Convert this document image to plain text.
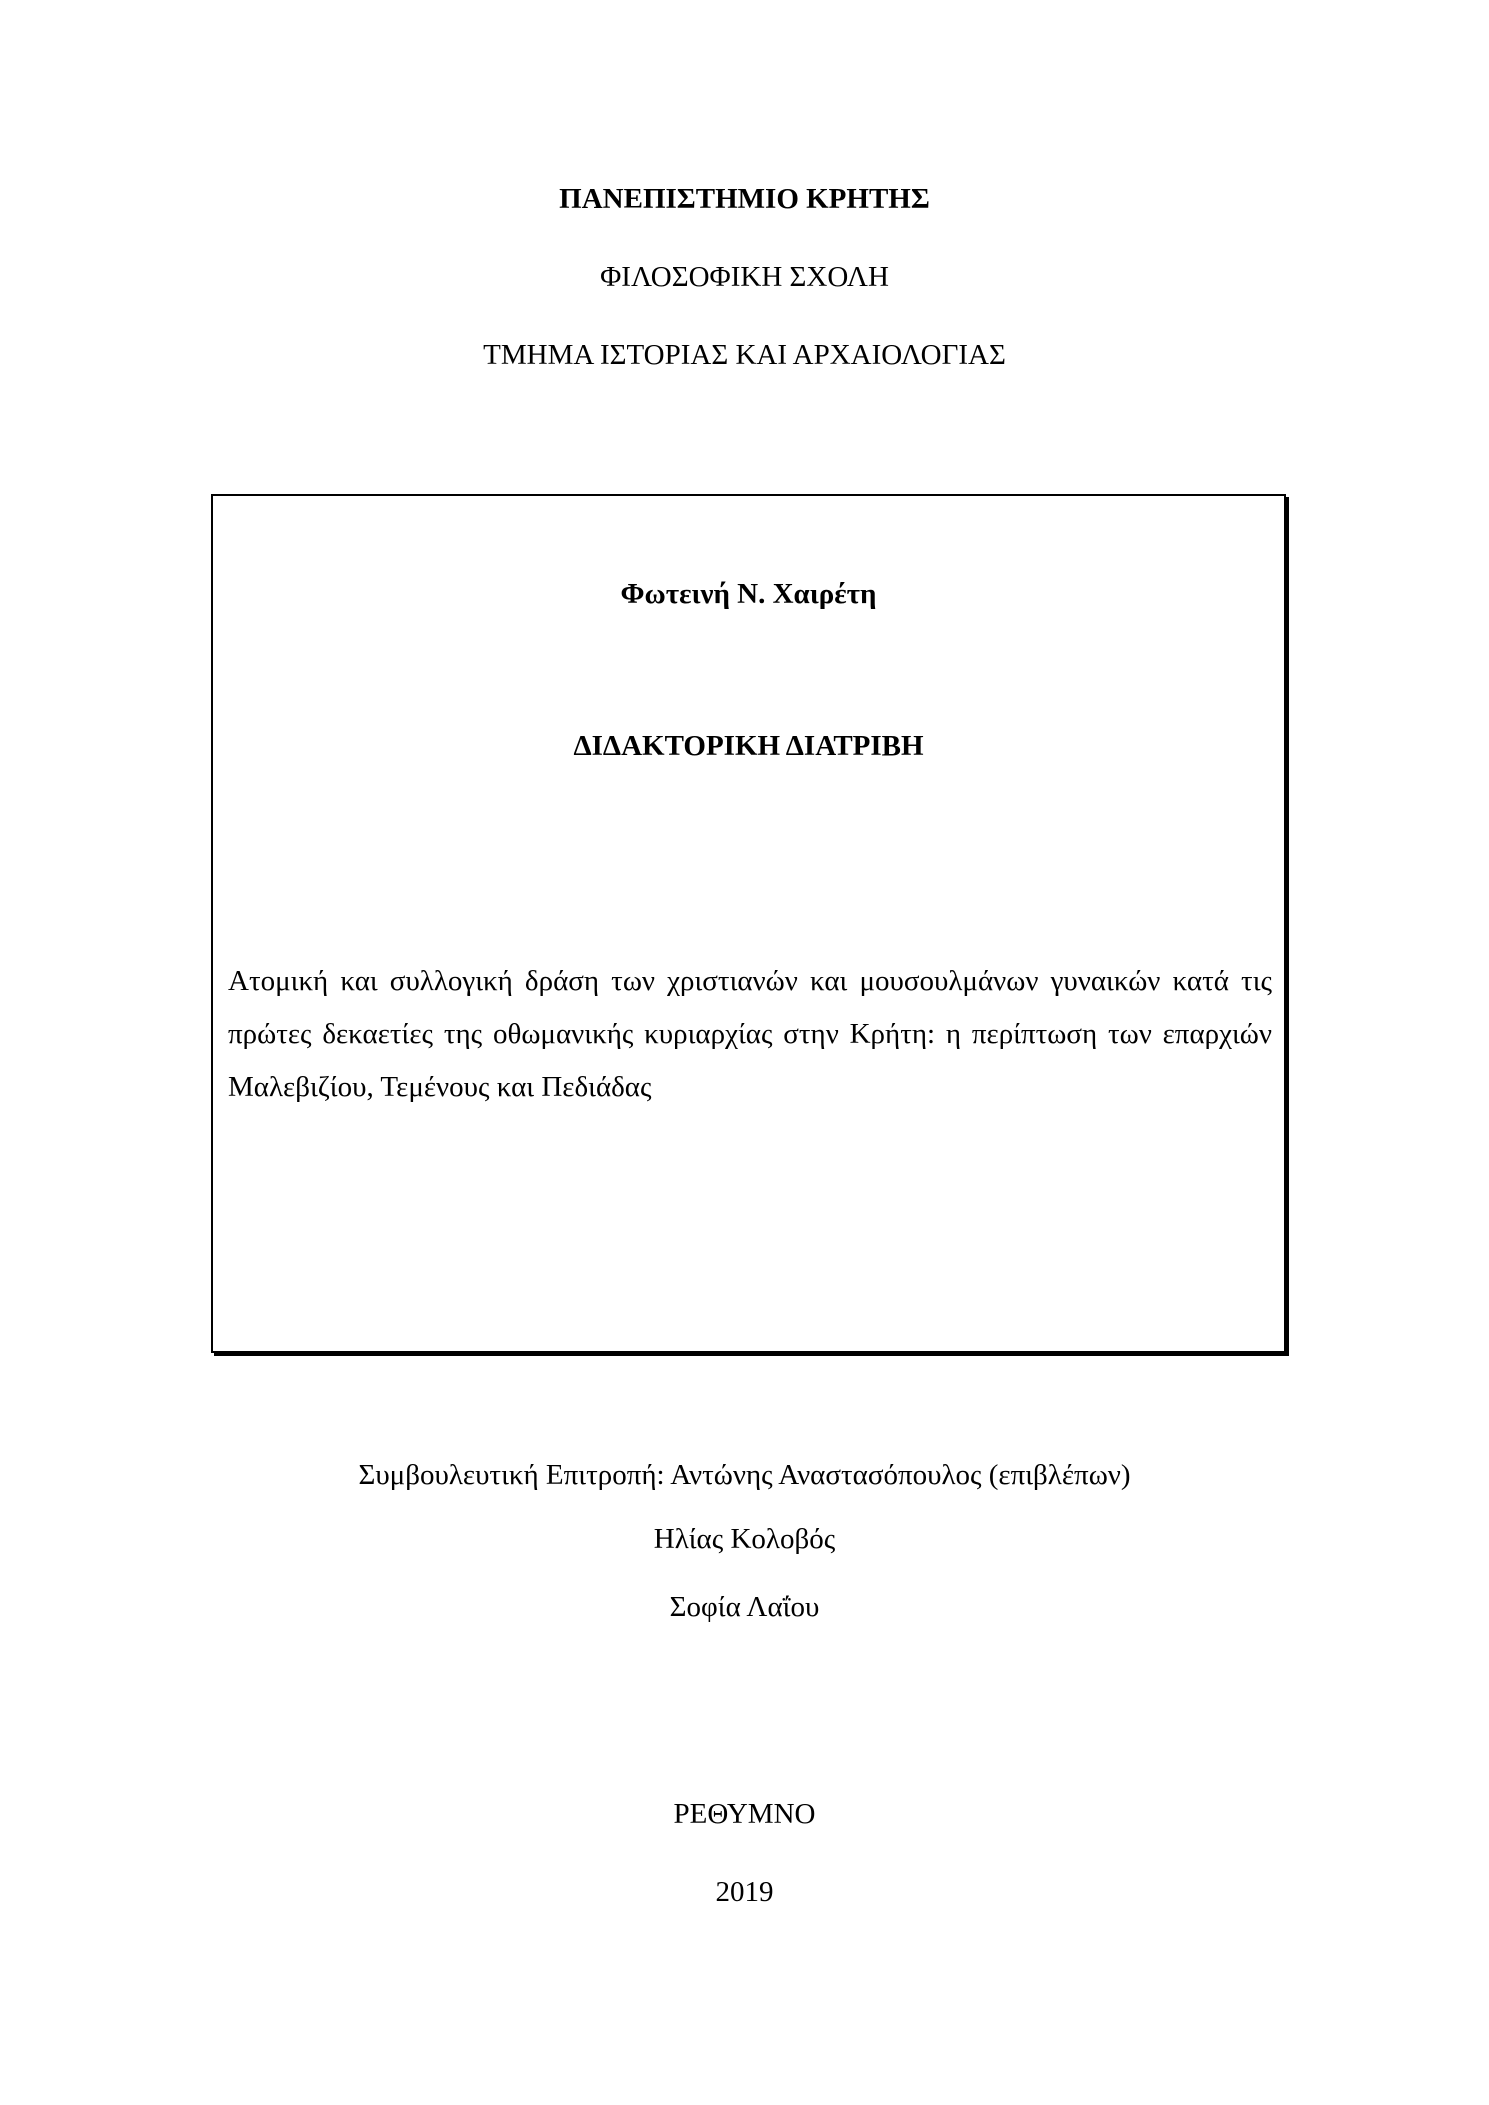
ΠΑΝΕΠΙΣΤΗΜΙΟ ΚΡΗΤΗΣ
ΦΙΛΟΣΟΦΙΚΗ ΣΧΟΛΗ
ΤΜΗΜΑ ΙΣΤΟΡΙΑΣ ΚΑΙ ΑΡΧΑΙΟΛΟΓΙΑΣ
Φωτεινή Ν. Χαιρέτη
ΔΙΔΑΚΤΟΡΙΚΗ ΔΙΑΤΡΙΒΗ
Ατομική και συλλογική δράση των χριστιανών και μουσουλμάνων γυναικών κατά τις
πρώτες δεκαετίες της οθωμανικής κυριαρχίας στην Κρήτη: η περίπτωση των επαρχιών
Μαλεβιζίου, Τεμένους και Πεδιάδας
Συμβουλευτική Επιτροπή: Αντώνης Αναστασόπουλος (επιβλέπων)
Ηλίας Κολοβός
Σοφία Λαΐου
ΡΕΘΥΜΝΟ
2019
